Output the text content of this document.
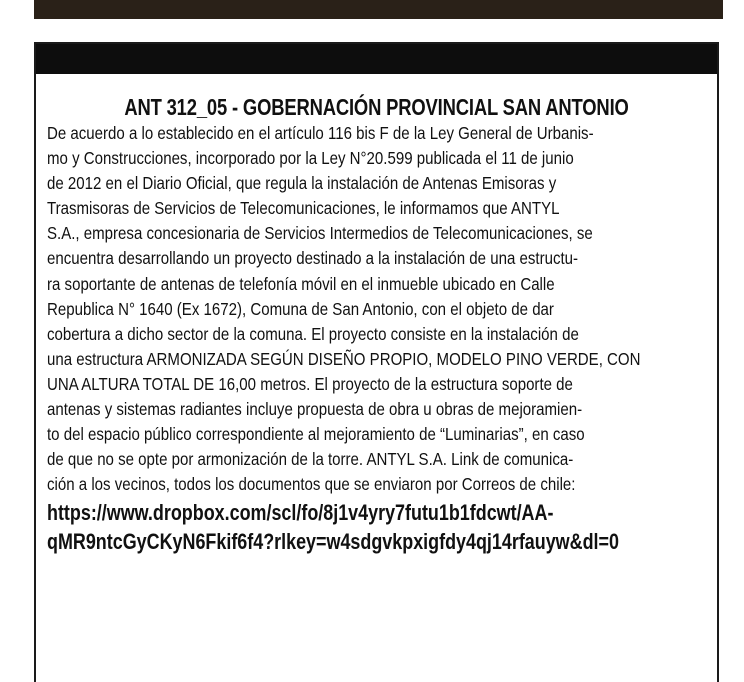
ANT 312_05 - GOBERNACIÓN PROVINCIAL SAN ANTONIO
De acuerdo a lo establecido en el artículo 116 bis F de la Ley General de Urbanis-
mo y Construcciones, incorporado por la Ley N°20.599 publicada el 11 de junio
de 2012 en el Diario Oficial, que regula la instalación de Antenas Emisoras y
Trasmisoras de Servicios de Telecomunicaciones, le informamos que ANTYL
S.A., empresa concesionaria de Servicios Intermedios de Telecomunicaciones, se
encuentra desarrollando un proyecto destinado a la instalación de una estructu-
ra soportante de antenas de telefonía móvil en el inmueble ubicado en Calle
Republica N° 1640 (Ex 1672), Comuna de San Antonio, con el objeto de dar
cobertura a dicho sector de la comuna. El proyecto consiste en la instalación de
una estructura ARMONIZADA SEGÚN DISEÑO PROPIO, MODELO PINO VERDE, CON
UNA ALTURA TOTAL DE 16,00 metros. El proyecto de la estructura soporte de
antenas y sistemas radiantes incluye propuesta de obra u obras de mejoramien-
to del espacio público correspondiente al mejoramiento de “Luminarias”, en caso
de que no se opte por armonización de la torre. ANTYL S.A. Link de comunica-
ción a los vecinos, todos los documentos que se enviaron por Correos de chile:
https://www.dropbox.com/scl/fo/8j1v4yry7futu1b1fdcwt/AA-
qMR9ntcGyCKyN6Fkif6f4?rlkey=w4sdgvkpxigfdy4qj14rfauyw&dl=0
